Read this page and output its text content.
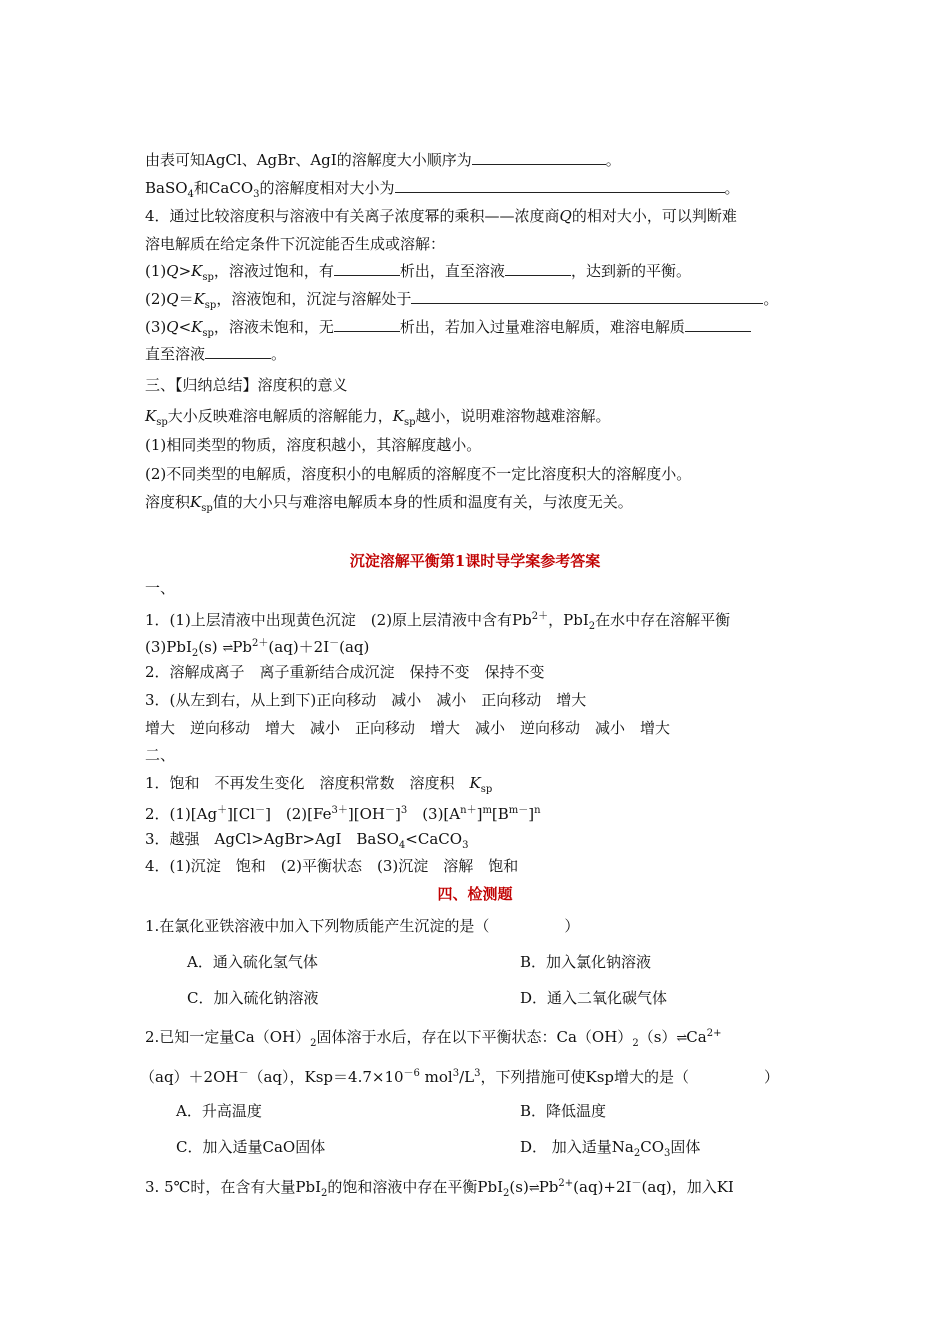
由表可知AgCl、AgBr、AgI的溶解度大小顺序为	。
BaSO$_4$和CaCO$_3$的溶解度相对大小为	。
4．通过比较溶度积与溶液中有关离子浓度幂的乘积——浓度商Q的相对大小，可以判断难
溶电解质在给定条件下沉淀能否生成或溶解：
$(1)Q>K_{sp}$，溶液过饱和，有	析出，直至溶液	，达到新的平衡。
$(2)Q=K_{sp}$，溶液饱和，沉淀与溶解处于	。
$(3)Q<K_{sp}$，溶液未饱和，无	析出，若加入过量难溶电解质，难溶电解质
直至溶液	。
三、【归纳总结】溶度积的意义
$K_{sp}$大小反映难溶电解质的溶解能力，$K_{sp}$越小，说明难溶物越难溶解。
(1)相同类型的物质，溶度积越小，其溶解度越小。
(2)不同类型的电解质，溶度积小的电解质的溶解度不一定比溶度积大的溶解度小。
溶度积$K_{sp}$值的大小只与难溶电解质本身的性质和温度有关，与浓度无关。
沉淀溶解平衡第1课时导学案参考答案
一、
1．(1)上层清液中出现黄色沉淀　(2)原上层清液中含有$Pb^{2+}$，PbI$_2$在水中存在溶解平衡
(3)PbI$_2$(s) $\rightleftharpoons Pb^{2+}(aq)+2I^-(aq)$
2．溶解成离子　离子重新结合成沉淀　保持不变　保持不变
3．(从左到右，从上到下)正向移动　减小　减小　正向移动　增大
增大　逆向移动　增大　减小　正向移动　增大　减小　逆向移动　减小　增大
二、
1．饱和　不再发生变化　溶度积常数　溶度积　$K_{sp}$
2．(1)[Ag＋][Cl－]　$(2)[Fe^{3+}][OH^-]^3$　$(3)[A^{n+}]^m[B^{m-}]^n$
3．越强　AgCl>AgBr>AgI　BaSO$_4$<CaCO$_3$
4．(1)沉淀　饱和　(2)平衡状态　(3)沉淀　溶解　饱和
四、检测题
1.在氯化亚铁溶液中加入下列物质能产生沉淀的是（　　　　　）
A．通入硫化氢气体	B．加入氯化钠溶液
C．加入硫化钠溶液	D．通入二氧化碳气体
2.已知一定量$Ca(OH)_2$固体溶于水后，存在以下平衡状态：$Ca(OH)_2(s)\rightleftharpoons Ca^{2+}$
（aq）＋2OH－（aq），$Ksp=4.7\times 10^{-6}$ $mol^3/L^3$，下列措施可使Ksp增大的是（　　　　　）
A．升高温度	B．降低温度
C．加入适量CaO固体	D． 加入适量$Na_2CO_3$固体
3. 5℃时，在含有大量PbI$_2$的饱和溶液中存在平衡$PbI_2(s)\rightleftharpoons Pb^{2+}(aq)+2I^-(aq)$，加入KI
